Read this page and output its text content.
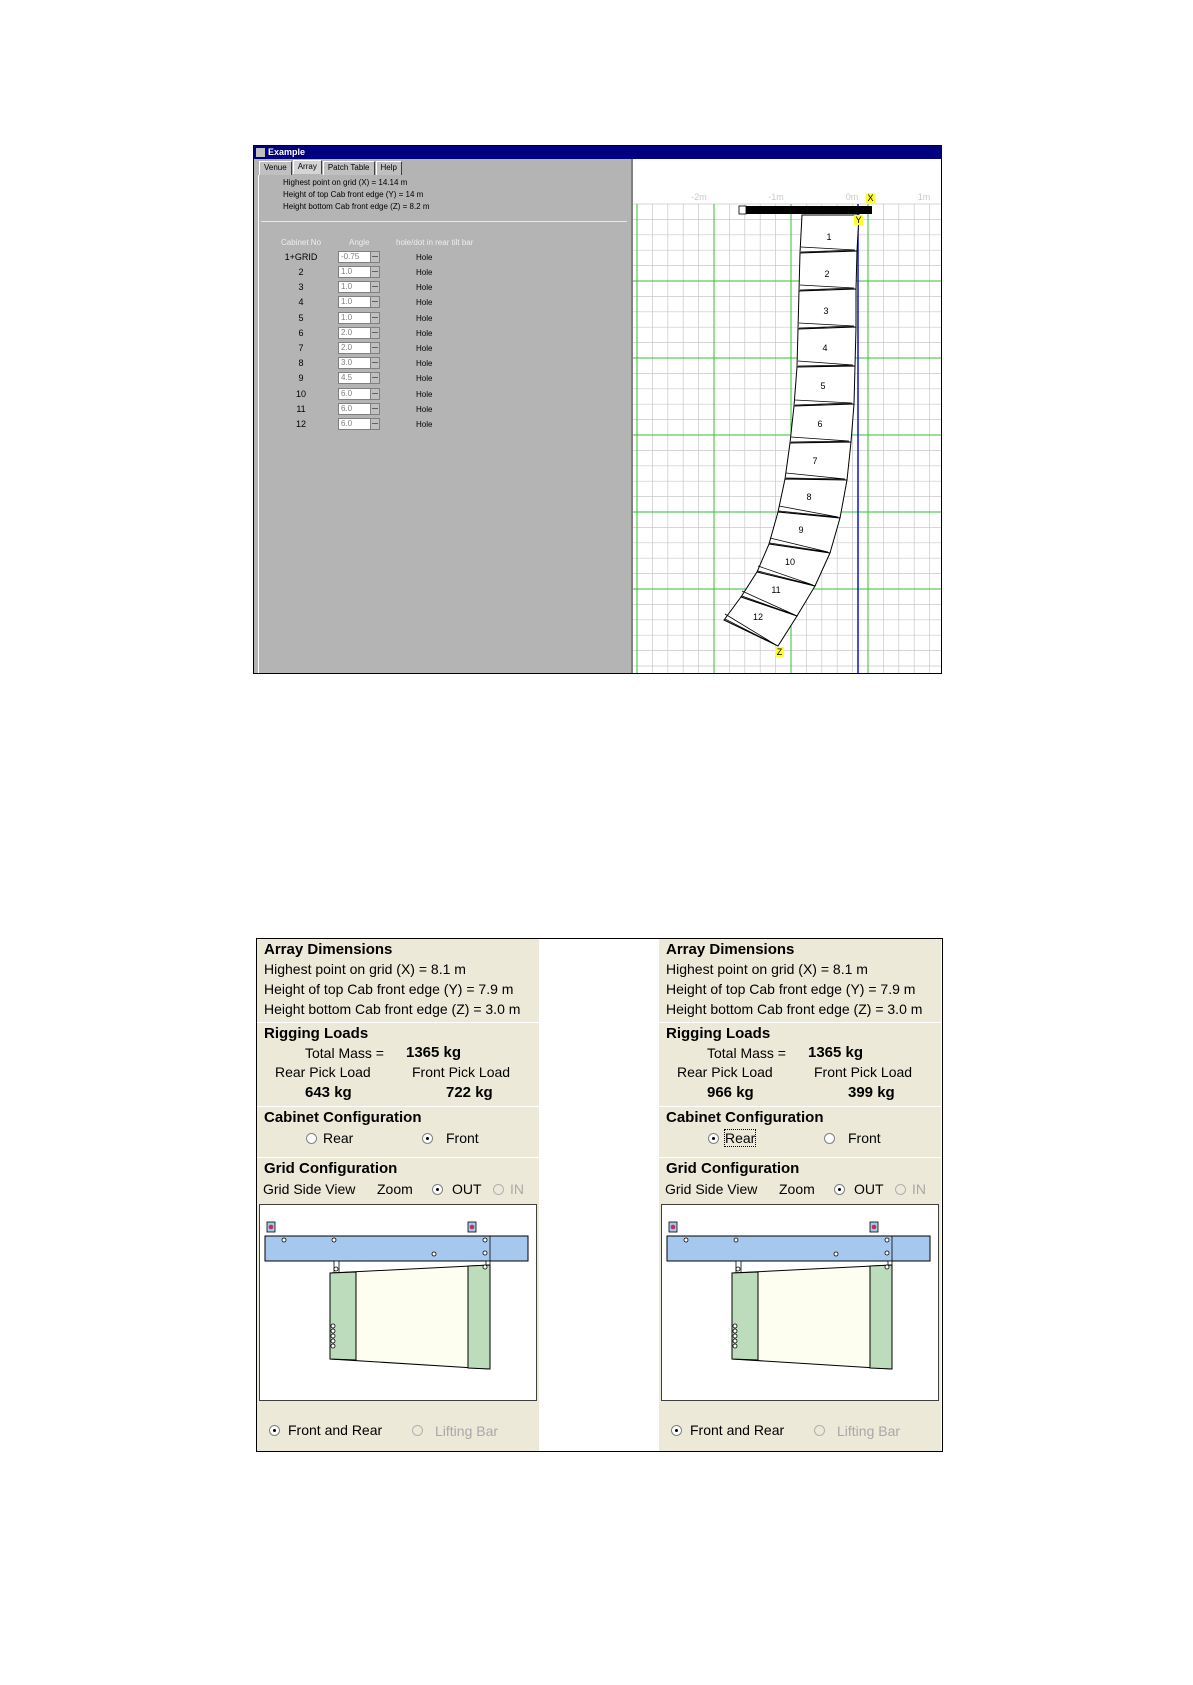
Example
Venue	Array	Patch Table	Help
Highest point on grid (X) = 14.14 m
Height of top Cab front edge (Y) = 14 m
Height bottom Cab front edge (Z) = 8.2 m
Cabinet No	Angle	hole/dot in rear tilt bar
1+GRID	-0.75	Hole
2	1.0	Hole
3	1.0	Hole
4	1.0	Hole
5	1.0	Hole
6	2.0	Hole
7	2.0	Hole
8	3.0	Hole
9	4.5	Hole
10	6.0	Hole
11	6.0	Hole
12	6.0	Hole
-2m	-1m	0m	1m
1
2
3
4
5
6
7
8
9
10
11
12
X
Y
Z
Array Dimensions
Highest point on grid (X) = 8.1 m
Height of top Cab front edge (Y) = 7.9 m
Height bottom Cab front edge (Z) = 3.0 m
Rigging Loads
Total Mass = 1365 kg
Rear Pick Load	Front Pick Load
643 kg	722 kg
Cabinet Configuration
Rear	Front
Grid Configuration
Grid Side View Zoom	OUT IN
Front and Rear	Lifting Bar
Array Dimensions
Highest point on grid (X) = 8.1 m
Height of top Cab front edge (Y) = 7.9 m
Height bottom Cab front edge (Z) = 3.0 m
Rigging Loads
Total Mass = 1365 kg
Rear Pick Load	Front Pick Load
966 kg	399 kg
Cabinet Configuration
Rear	Front
Grid Configuration
Grid Side View Zoom	OUT IN
Front and Rear	Lifting Bar
